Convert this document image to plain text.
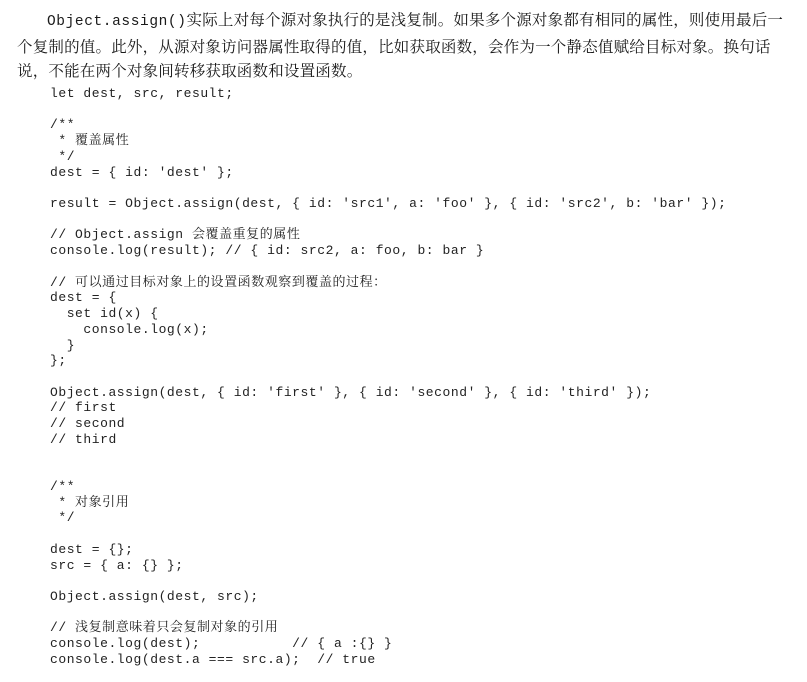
Object.assign()实际上对每个源对象执行的是浅复制。如果多个源对象都有相同的属性，则使用最后一个复制的值。此外，从源对象访问器属性取得的值，比如获取函数，会作为一个静态值赋给目标对象。换句话说，不能在两个对象间转移获取函数和设置函数。

let dest, src, result;
/**
* 覆盖属性
*/
dest = { id: 'dest' };
result = Object.assign(dest, { id: 'src1', a: 'foo' }, { id: 'src2', b: 'bar' });
// Object.assign 会覆盖重复的属性
console.log(result); // { id: src2, a: foo, b: bar }
// 可以通过目标对象上的设置函数观察到覆盖的过程：
dest = {
set id(x) {
console.log(x);
}
};
Object.assign(dest, { id: 'first' }, { id: 'second' }, { id: 'third' });
// first
// second
// third
/**
* 对象引用
*/
dest = {};
src = { a: {} };
Object.assign(dest, src);
// 浅复制意味着只会复制对象的引用
console.log(dest);           // { a :{} }
console.log(dest.a === src.a);  // true
